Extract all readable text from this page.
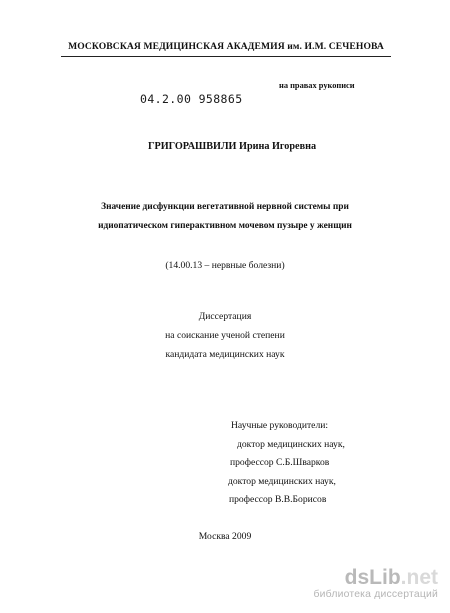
МОСКОВСКАЯ МЕДИЦИНСКАЯ АКАДЕМИЯ им. И.М. СЕЧЕНОВА
на правах рукописи
04.2.00 958865
ГРИГОРАШВИЛИ Ирина Игоревна
Значение дисфункции вегетативной нервной системы при
идиопатическом гиперактивном мочевом пузыре у женщин
(14.00.13 – нервные болезни)
Диссертация
на соискание ученой степени
кандидата медицинских наук
Научные руководители:
доктор медицинских наук,
профессор С.Б.Шварков
доктор медицинских наук,
профессор В.В.Борисов
Москва 2009
dsLib.net
библиотека диссертаций
